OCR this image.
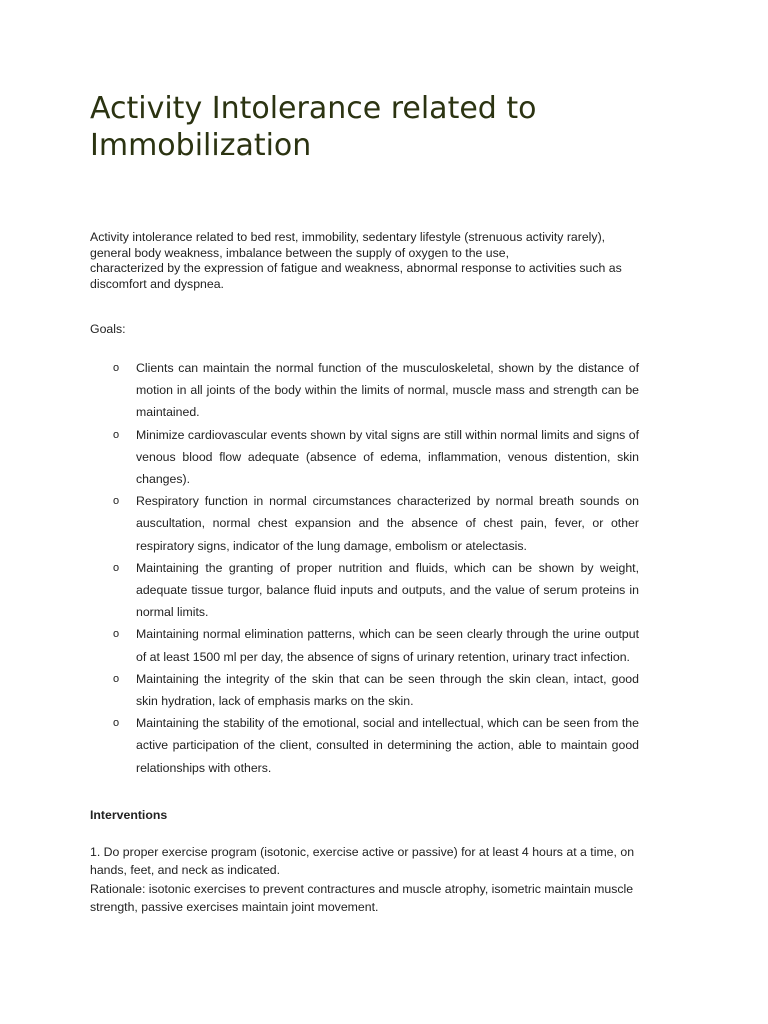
Activity Intolerance related to Immobilization
Activity intolerance related to bed rest, immobility, sedentary lifestyle (strenuous activity rarely),
general body weakness, imbalance between the supply of oxygen to the use,
characterized by the expression of fatigue and weakness, abnormal response to activities such as
discomfort and dyspnea.
Goals:
o Clients can maintain the normal function of the musculoskeletal, shown by the distance of motion in all joints of the body within the limits of normal, muscle mass and strength can be maintained.
o Minimize cardiovascular events shown by vital signs are still within normal limits and signs of venous blood flow adequate (absence of edema, inflammation, venous distention, skin changes).
o Respiratory function in normal circumstances characterized by normal breath sounds on auscultation, normal chest expansion and the absence of chest pain, fever, or other respiratory signs, indicator of the lung damage, embolism or atelectasis.
o Maintaining the granting of proper nutrition and fluids, which can be shown by weight, adequate tissue turgor, balance fluid inputs and outputs, and the value of serum proteins in normal limits.
o Maintaining normal elimination patterns, which can be seen clearly through the urine output of at least 1500 ml per day, the absence of signs of urinary retention, urinary tract infection.
o Maintaining the integrity of the skin that can be seen through the skin clean, intact, good skin hydration, lack of emphasis marks on the skin.
o Maintaining the stability of the emotional, social and intellectual, which can be seen from the active participation of the client, consulted in determining the action, able to maintain good relationships with others.
Interventions
1. Do proper exercise program (isotonic, exercise active or passive) for at least 4 hours at a time, on
hands, feet, and neck as indicated.
Rationale: isotonic exercises to prevent contractures and muscle atrophy, isometric maintain muscle
strength, passive exercises maintain joint movement.
